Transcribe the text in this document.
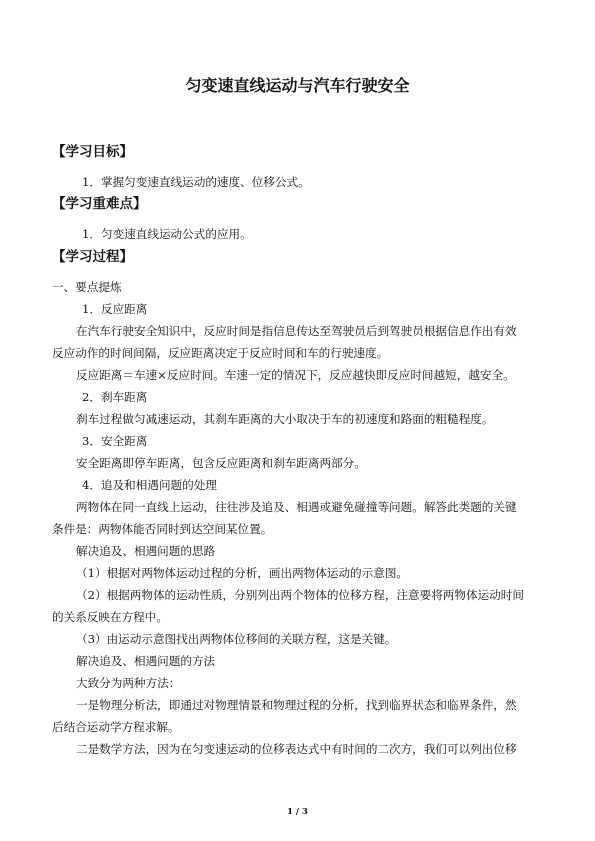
匀变速直线运动与汽车行驶安全
【学习目标】
1．掌握匀变速直线运动的速度、位移公式。
【学习重难点】
1．匀变速直线运动公式的应用。
【学习过程】
一、要点提炼
1．反应距离
在汽车行驶安全知识中，反应时间是指信息传达至驾驶员后到驾驶员根据信息作出有效
反应动作的时间间隔，反应距离决定于反应时间和车的行驶速度。
反应距离＝车速×反应时间。车速一定的情况下，反应越快即反应时间越短，越安全。
2．刹车距离
刹车过程做匀减速运动，其刹车距离的大小取决于车的初速度和路面的粗糙程度。
3．安全距离
安全距离即停车距离，包含反应距离和刹车距离两部分。
4．追及和相遇问题的处理
两物体在同一直线上运动，往往涉及追及、相遇或避免碰撞等问题。解答此类题的关键
条件是：两物体能否同时到达空间某位置。
解决追及、相遇问题的思路
（1）根据对两物体运动过程的分析，画出两物体运动的示意图。
（2）根据两物体的运动性质，分别列出两个物体的位移方程，注意要将两物体运动时间
的关系反映在方程中。
（3）由运动示意图找出两物体位移间的关联方程，这是关键。
解决追及、相遇问题的方法
大致分为两种方法：
一是物理分析法，即通过对物理情景和物理过程的分析，找到临界状态和临界条件，然
后结合运动学方程求解。
二是数学方法，因为在匀变速运动的位移表达式中有时间的二次方，我们可以列出位移
1 / 3
